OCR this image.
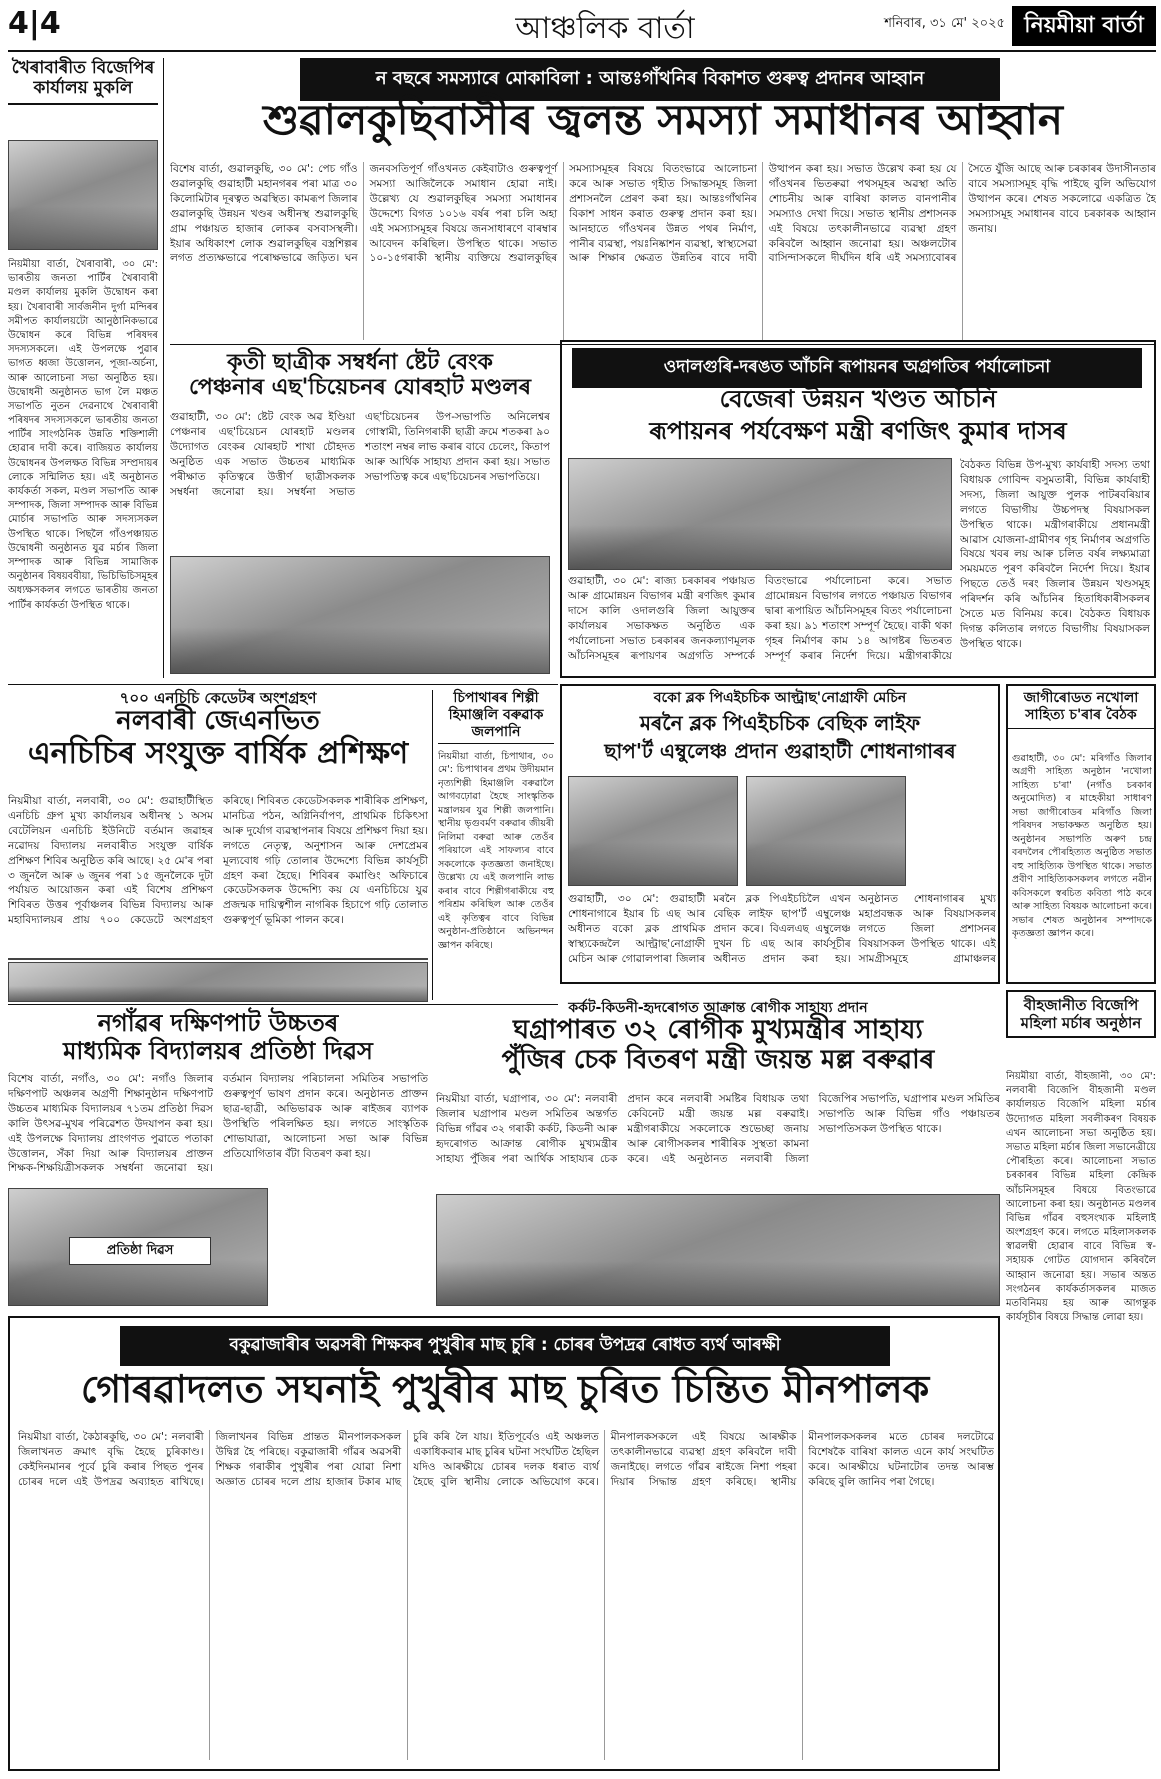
4|4	আঞ্চলিক বাৰ্তা	শনিবাৰ, ৩১ মে' ২০২৫ নিয়মীয়া বাৰ্তা
খৈৰাবাৰীত বিজেপিৰ কাৰ্যালয় মুকলি
নিয়মীয়া বাৰ্তা, খৈৰাবাৰী, ৩০ মে': ভাৰতীয় জনতা পাৰ্টিৰ খৈৰাবাৰী মণ্ডল কাৰ্যালয় মুকলি উদ্বোধন কৰা হয়। খৈৰাবাৰী সাৰ্বজনীন দুৰ্গা মন্দিৰৰ সমীপত কাৰ্যালয়টো আনুষ্ঠানিকভাৱে উদ্বোধন কৰে বিভিন্ন পৰিষদৰ সদস্যসকলে। এই উপলক্ষে পুৱাৰ ভাগত ধ্বজা উত্তোলন, পূজা-অৰ্চনা, আৰু আলোচনা সভা অনুষ্ঠিত হয়। উদ্বোধনী অনুষ্ঠানত ভাগ লৈ মঞ্চত সভাপতি নুতন দেৱনাথে খৈৰাবাৰী পৰিষদৰ সদস্যসকলে ভাৰতীয় জনতা পাৰ্টিৰ সাংগঠনিক উন্নতি শক্তিশালী হোৱাৰ দাবী কৰে। বাজিয়ত কাৰ্যালয় উদ্বোধনৰ উপলক্ষত বিভিন্ন সম্প্ৰদায়ৰ লোকে সন্মিলিত হয়। এই অনুষ্ঠানত কাৰ্যকৰ্তা সকল, মণ্ডল সভাপতি আৰু সম্পাদক, জিলা সম্পাদক আৰু বিভিন্ন মোৰ্চাৰ সভাপতি আৰু সদস্যসকল উপস্থিত থাকে। পিছলৈ গাঁওপঞ্চায়ত উদ্বোধনী অনুষ্ঠানত যুৱ মৰ্চাৰ জিলা সম্পাদক আৰু বিভিন্ন সামাজিক অনুষ্ঠানৰ বিষয়ববীয়া, ভিচিভিচিসমূহৰ অধ্যক্ষসকলৰ লগতে ভাৰতীয় জনতা পাৰ্টিৰ কাৰ্যকৰ্তা উপস্থিত থাকে।
ন বছৰে সমস্যাৰে মোকাবিলা : আন্তঃগাঁথনিৰ বিকাশত গুৰুত্ব প্ৰদানৰ আহ্বান
শুৱালকুছিবাসীৰ জ্বলন্ত সমস্যা সমাধানৰ আহ্বান
বিশেষ বাৰ্তা, গুৱালকুছি, ৩০ মে': পেচ গাঁও গুৱালকুছি গুৱাহাটী মহানগৰৰ পৰা মাত্ৰ ৩০ কিলোমিটাৰ দূৰত্বত অৱস্থিত। কামৰূপ জিলাৰ গুৱালকুছি উন্নয়ন খণ্ডৰ অধীনস্থ শুৱালকুছি গ্ৰাম পঞ্চায়ত হাজাৰ লোকৰ বসবাসস্থলী। ইয়াৰ অধিকাংশ লোক শুৱালকুছিৰ বস্ত্ৰশিল্পৰ লগত প্ৰত্যক্ষভাৱে পৰোক্ষভাৱে জড়িত। ঘন জনবসতিপূৰ্ণ গাঁওখনত কেইবাটাও গুৰুত্বপূৰ্ণ সমস্যা আজিলৈকে সমাধান হোৱা নাই। উল্লেখ্য যে শুৱালকুছিৰ সমস্যা সমাধানৰ উদ্দেশ্যে বিগত ১০১৬ বৰ্ষৰ পৰা চলি অহা এই সমস্যাসমূহৰ বিষয়ে জনসাধাৰণে বাৰম্বাৰ আবেদন কৰিছিল। উপস্থিত থাকে। সভাত ১০-১৫গৰাকী স্থানীয় ব্যক্তিয়ে শুৱালকুছিৰ সমস্যাসমূহৰ বিষয়ে বিতংভাৱে আলোচনা কৰে আৰু সভাত গৃহীত সিদ্ধান্তসমূহ জিলা প্ৰশাসনলৈ প্ৰেৰণ কৰা হয়। আন্তঃগাঁথনিৰ বিকাশ সাধন কৰাত গুৰুত্ব প্ৰদান কৰা হয়। আনহাতে গাঁওখনৰ উন্নত পথৰ নিৰ্মাণ, পানীৰ ব্যৱস্থা, পয়ঃনিষ্কাশন ব্যৱস্থা, স্বাস্থ্যসেৱা আৰু শিক্ষাৰ ক্ষেত্ৰত উন্নতিৰ বাবে দাবী উত্থাপন কৰা হয়। সভাত উল্লেখ কৰা হয় যে গাঁওখনৰ ভিতৰুৱা পথসমূহৰ অৱস্থা অতি শোচনীয় আৰু বাৰিষা কালত বানপানীৰ সমস্যাও দেখা দিয়ে। সভাত স্থানীয় প্ৰশাসনক এই বিষয়ে তৎকালীনভাৱে ব্যৱস্থা গ্ৰহণ কৰিবলৈ আহ্বান জনোৱা হয়। অঞ্চলটোৰ বাসিন্দাসকলে দীৰ্ঘদিন ধৰি এই সমস্যাবোৰৰ সৈতে যুঁজি আছে আৰু চৰকাৰৰ উদাসীনতাৰ বাবে সমস্যাসমূহ বৃদ্ধি পাইছে বুলি অভিযোগ উত্থাপন কৰে। শেষত সকলোৱে একত্ৰিত হৈ সমস্যাসমূহ সমাধানৰ বাবে চৰকাৰক আহ্বান জনায়।
কৃতী ছাত্ৰীক সম্বৰ্ধনা ষ্টেট বেংক
পেঞ্চনাৰ এছ'চিয়েচনৰ যোৰহাট মণ্ডলৰ
গুৱাহাটী, ৩০ মে': ষ্টেট বেংক অৱ ইণ্ডিয়া পেঞ্চনাৰ এছ'চিয়েচন যোৰহাট মণ্ডলৰ উদ্যোগত বেংকৰ যোৰহাট শাখা চৌহদত অনুষ্ঠিত এক সভাত উচ্চতৰ মাধ্যমিক পৰীক্ষাত কৃতিত্বৰে উত্তীৰ্ণ ছাত্ৰীসকলক সম্বৰ্ধনা জনোৱা হয়। সম্বৰ্ধনা সভাত এছ'চিয়েচনৰ উপ-সভাপতি অনিলেশ্বৰ গোস্বামী, তিনিগৰাকী ছাত্ৰী ক্ৰমে শতকৰা ৯০ শতাংশ নম্বৰ লাভ কৰাৰ বাবে চেলেং, কিতাপ আৰু আৰ্থিক সাহায্য প্ৰদান কৰা হয়। সভাত সভাপতিত্ব কৰে এছ'চিয়েচনৰ সভাপতিয়ে।
ওদালগুৰি-দৰঙত আঁচনি ৰূপায়নৰ অগ্ৰগতিৰ পৰ্যালোচনা
বেজেৰা উন্নয়ন খণ্ডত আঁচনি
ৰূপায়নৰ পৰ্যবেক্ষণ মন্ত্ৰী ৰণজিৎ কুমাৰ দাসৰ
গুৱাহাটী, ৩০ মে': ৰাজ্য চৰকাৰৰ পঞ্চায়ত আৰু গ্ৰামোন্নয়ন বিভাগৰ মন্ত্ৰী ৰণজিৎ কুমাৰ দাসে কালি ওদালগুৰি জিলা আয়ুক্তৰ কাৰ্যালয়ৰ সভাকক্ষত অনুষ্ঠিত এক পৰ্যালোচনা সভাত চৰকাৰৰ জনকল্যাণমূলক আঁচনিসমূহৰ ৰূপায়ণৰ অগ্ৰগতি সম্পৰ্কে বিতংভাৱে পৰ্যালোচনা কৰে। সভাত গ্ৰামোন্নয়ন বিভাগৰ লগতে পঞ্চায়ত বিভাগৰ দ্বাৰা ৰূপায়িত আঁচনিসমূহৰ বিতং পৰ্যালোচনা কৰা হয়। ৯১ শতাংশ সম্পূৰ্ণ হৈছে। বাকী থকা গৃহৰ নিৰ্মাণৰ কাম ১৪ আগষ্টৰ ভিতৰত সম্পূৰ্ণ কৰাৰ নিৰ্দেশ দিয়ে। মন্ত্ৰীগৰাকীয়ে
বৈঠকত বিভিন্ন উপ-মুখ্য কাৰ্যবাহী সদস্য তথা বিধায়ক গোবিন্দ বসুমতাৰী, বিভিন্ন কাৰ্যবাহী সদস্য, জিলা আয়ুক্ত পুলক পাটৰবৰিয়াৰ লগতে বিভাগীয় উচ্চপদস্থ বিষয়াসকল উপস্থিত থাকে। মন্ত্ৰীগৰাকীয়ে প্ৰধানমন্ত্ৰী আৱাস যোজনা-গ্ৰামীণৰ গৃহ নিৰ্মাণৰ অগ্ৰগতি বিষয়ে খবৰ লয় আৰু চলিত বৰ্ষৰ লক্ষ্যমাত্ৰা সময়মতে পূৰণ কৰিবলৈ নিৰ্দেশ দিয়ে। ইয়াৰ পিছতে তেওঁ দৰং জিলাৰ উন্নয়ন খণ্ডসমূহ পৰিদৰ্শন কৰি আঁচনিৰ হিতাধিকাৰীসকলৰ সৈতে মত বিনিময় কৰে। বৈঠকত বিধায়ক দিগন্ত কলিতাৰ লগতে বিভাগীয় বিষয়াসকল উপস্থিত থাকে।
৭০০ এনচিচি কেডেটৰ অংশগ্ৰহণ
নলবাৰী জেএনভিত
এনচিচিৰ সংযুক্ত বাৰ্ষিক প্ৰশিক্ষণ
নিয়মীয়া বাৰ্তা, নলবাৰী, ৩০ মে': গুৱাহাটীস্থিত এনচিচি গ্ৰুপ মুখ্য কাৰ্যালয়ৰ অধীনস্থ ১ অসম বেটেলিয়ন এনচিচি ইউনিটে বৰ্তমান জৱাহৰ নৱোদয় বিদ্যালয় নলবাৰীত সংযুক্ত বাৰ্ষিক প্ৰশিক্ষণ শিবিৰ অনুষ্ঠিত কৰি আছে। ২৫ মে'ৰ পৰা ৩ জুনলৈ আৰু ৬ জুনৰ পৰা ১৫ জুনলৈকে দুটা পৰ্যায়ত আয়োজন কৰা এই বিশেষ প্ৰশিক্ষণ শিবিৰত উত্তৰ পূৰ্বাঞ্চলৰ বিভিন্ন বিদ্যালয় আৰু মহাবিদ্যালয়ৰ প্ৰায় ৭০০ কেডেটে অংশগ্ৰহণ কৰিছে। শিবিৰত কেডেটসকলক শাৰীৰিক প্ৰশিক্ষণ, মানচিত্ৰ পঠন, অগ্নিনিৰ্বাপণ, প্ৰাথমিক চিকিৎসা আৰু দুৰ্যোগ ব্যৱস্থাপনাৰ বিষয়ে প্ৰশিক্ষণ দিয়া হয়। লগতে নেতৃত্ব, অনুশাসন আৰু দেশপ্ৰেমৰ মূল্যবোধ গঢ়ি তোলাৰ উদ্দেশ্যে বিভিন্ন কাৰ্যসূচী গ্ৰহণ কৰা হৈছে। শিবিৰৰ কমাণ্ডিং অফিচাৰে কেডেটসকলক উদ্দেশ্যি কয় যে এনচিচিয়ে যুৱ প্ৰজন্মক দায়িত্বশীল নাগৰিক হিচাপে গঢ়ি তোলাত গুৰুত্বপূৰ্ণ ভূমিকা পালন কৰে।
চিপাথাৰৰ শিল্পী হিমাঞ্জলি বৰুৱাক জলপানি
নিয়মীয়া বাৰ্তা, চিপাথাৰ, ৩০ মে': চিপাথাৰৰ প্ৰথম উদীয়মান নৃত্যশিল্পী হিমাঞ্জলি বৰুৱালৈ আগবঢ়োৱা হৈছে সাংস্কৃতিক মন্ত্ৰালয়ৰ যুৱ শিল্পী জলপানি। স্থানীয় ভৃগুবৰ্মণ বৰুৱাৰ জীয়ৰী নিলিমা বৰুৱা আৰু তেওঁৰ পৰিয়ালে এই সাফল্যৰ বাবে সকলোকে কৃতজ্ঞতা জনাইছে। উল্লেখ্য যে এই জলপানি লাভ কৰাৰ বাবে শিল্পীগৰাকীয়ে বহু পৰিশ্ৰম কৰিছিল আৰু তেওঁৰ এই কৃতিত্বৰ বাবে বিভিন্ন অনুষ্ঠান-প্ৰতিষ্ঠানে অভিনন্দন জ্ঞাপন কৰিছে।
বকো ব্লক পিএইচচিক আল্ট্ৰাছ'নোগ্ৰাফী মেচিন
মৰনৈ ব্লক পিএইচচিক বেছিক লাইফ
ছাপ'ৰ্ট এম্বুলেঞ্চ প্ৰদান গুৱাহাটী শোধনাগাৰৰ
গুৱাহাটী, ৩০ মে': গুৱাহাটী শোধনাগাৰে ইয়াৰ চি এছ আৰ অধীনত বকো ব্লক প্ৰাথমিক স্বাস্থ্যকেন্দ্ৰলৈ আল্ট্ৰাছ'নোগ্ৰাফী মেচিন আৰু গোৱালপাৰা জিলাৰ মৰনৈ ব্লক পিএইচচিলৈ এখন বেছিক লাইফ ছাপ'ৰ্ট এম্বুলেঞ্চ প্ৰদান কৰে। বিএলএছ এম্বুলেঞ্চ দুখন চি এছ আৰ কাৰ্যসূচীৰ অধীনত প্ৰদান কৰা হয়। অনুষ্ঠানত শোধনাগাৰৰ মুখ্য মহাপ্ৰবন্ধক আৰু বিষয়াসকলৰ লগতে জিলা প্ৰশাসনৰ বিষয়াসকল উপস্থিত থাকে। এই সামগ্ৰীসমূহে গ্ৰামাঞ্চলৰ
জাগীৰোডত নখোলা সাহিত্য চ'ৰাৰ বৈঠক
গুৱাহাটী, ৩০ মে': মৰিগাঁও জিলাৰ অগ্ৰণী সাহিত্য অনুষ্ঠান 'নখোলা সাহিত্য চ'ৰা' (নগাঁও চৰকাৰ অনুমোদিত) ৰ মাহেকীয়া সাধাৰণ সভা জাগীৰোডৰ মৰিগাঁও জিলা পৰিষদৰ সভাকক্ষত অনুষ্ঠিত হয়। অনুষ্ঠানৰ সভাপতি অৰুণ চন্দ্ৰ বৰদলৈৰ পৌৰহিত্যত অনুষ্ঠিত সভাত বহু সাহিত্যিক উপস্থিত থাকে। সভাত প্ৰবীণ সাহিত্যিকসকলৰ লগতে নৱীন কবিসকলে স্বৰচিত কবিতা পাঠ কৰে আৰু সাহিত্য বিষয়ক আলোচনা কৰে। সভাৰ শেষত অনুষ্ঠানৰ সম্পাদকে কৃতজ্ঞতা জ্ঞাপন কৰে।
নগাঁৱৰ দক্ষিণপাট উচ্চতৰ
মাধ্যমিক বিদ্যালয়ৰ প্ৰতিষ্ঠা দিৱস
বিশেষ বাৰ্তা, নগাঁও, ৩০ মে': নগাঁও জিলাৰ দক্ষিণপাট অঞ্চলৰ অগ্ৰণী শিক্ষানুষ্ঠান দক্ষিণপাট উচ্চতৰ মাধ্যমিক বিদ্যালয়ৰ ৭১তম প্ৰতিষ্ঠা দিৱস কালি উৎসৱ-মুখৰ পৰিৱেশত উদযাপন কৰা হয়। এই উপলক্ষে বিদ্যালয় প্ৰাংগণত পুৱাতে পতাকা উত্তোলন, সঁকা দিয়া আৰু বিদ্যালয়ৰ প্ৰাক্তন শিক্ষক-শিক্ষয়িত্ৰীসকলক সম্বৰ্ধনা জনোৱা হয়। বৰ্তমান বিদ্যালয় পৰিচালনা সমিতিৰ সভাপতি গুৰুত্বপূৰ্ণ ভাষণ প্ৰদান কৰে। অনুষ্ঠানত প্ৰাক্তন ছাত্ৰ-ছাত্ৰী, অভিভাৱক আৰু ৰাইজৰ ব্যাপক উপস্থিতি পৰিলক্ষিত হয়। লগতে সাংস্কৃতিক শোভাযাত্ৰা, আলোচনা সভা আৰু বিভিন্ন প্ৰতিযোগিতাৰ বঁটা বিতৰণ কৰা হয়।
প্ৰতিষ্ঠা দিৱস
কৰ্কট-কিডনী-হৃদৰোগত আক্ৰান্ত ৰোগীক সাহায্য প্ৰদান
ঘগ্ৰাপাৰত ৩২ ৰোগীক মুখ্যমন্ত্ৰীৰ সাহায্য
পুঁজিৰ চেক বিতৰণ মন্ত্ৰী জয়ন্ত মল্ল বৰুৱাৰ
নিয়মীয়া বাৰ্তা, ঘগ্ৰাপাৰ, ৩০ মে': নলবাৰী জিলাৰ ঘগ্ৰাপাৰ মণ্ডল সমিতিৰ অন্তৰ্গত বিভিন্ন গাঁৱৰ ৩২ গৰাকী কৰ্কট, কিডনী আৰু হৃদৰোগত আক্ৰান্ত ৰোগীক মুখ্যমন্ত্ৰীৰ সাহায্য পুঁজিৰ পৰা আৰ্থিক সাহায্যৰ চেক প্ৰদান কৰে নলবাৰী সমষ্টিৰ বিধায়ক তথা কেবিনেট মন্ত্ৰী জয়ন্ত মল্ল বৰুৱাই। মন্ত্ৰীগৰাকীয়ে সকলোকে শুভেচ্ছা জনায় আৰু ৰোগীসকলৰ শাৰীৰিক সুস্থতা কামনা কৰে। এই অনুষ্ঠানত নলবাৰী জিলা বিজেপিৰ সভাপতি, ঘগ্ৰাপাৰ মণ্ডল সমিতিৰ সভাপতি আৰু বিভিন্ন গাঁও পঞ্চায়তৰ সভাপতিসকল উপস্থিত থাকে।
বীহজানীত বিজেপি মহিলা মৰ্চাৰ অনুষ্ঠান
নিয়মীয়া বাৰ্তা, বীহজানী, ৩০ মে': নলবাৰী বিজেপি বীহজানী মণ্ডল কাৰ্যালয়ত বিজেপি মহিলা মৰ্চাৰ উদ্যোগত মহিলা সবলীকৰণ বিষয়ক এখন আলোচনা সভা অনুষ্ঠিত হয়। সভাত মহিলা মৰ্চাৰ জিলা সভানেত্ৰীয়ে পৌৰহিত্য কৰে। আলোচনা সভাত চৰকাৰৰ বিভিন্ন মহিলা কেন্দ্ৰিক আঁচনিসমূহৰ বিষয়ে বিতংভাৱে আলোচনা কৰা হয়। অনুষ্ঠানত মণ্ডলৰ বিভিন্ন গাঁৱৰ বহুসংখ্যক মহিলাই অংশগ্ৰহণ কৰে। লগতে মহিলাসকলক স্বাৱলম্বী হোৱাৰ বাবে বিভিন্ন স্ব-সহায়ক গোটত যোগদান কৰিবলৈ আহ্বান জনোৱা হয়। সভাৰ অন্তত সংগঠনৰ কাৰ্যকৰ্তাসকলৰ মাজত মতবিনিময় হয় আৰু আগন্তুক কাৰ্যসূচীৰ বিষয়ে সিদ্ধান্ত লোৱা হয়।
বকুৱাজাৰীৰ অৱসৰী শিক্ষকৰ পুখুৰীৰ মাছ চুৰি : চোৰৰ উপদ্ৰৱ ৰোধত ব্যৰ্থ আৰক্ষী
গোৰৱাদলত সঘনাই পুখুৰীৰ মাছ চুৰিত চিন্তিত মীনপালক
নিয়মীয়া বাৰ্তা, কৈঠাৰকুছি, ৩০ মে': নলবাৰী জিলাখনত ক্ৰমাৎ বৃদ্ধি হৈছে চুৰিকাণ্ড। কেইদিনমানৰ পূৰ্বে চুৰি কৰাৰ পিছত পুনৰ চোৰৰ দলে এই উপদ্ৰৱ অব্যাহত ৰাখিছে। জিলাখনৰ বিভিন্ন প্ৰান্তত মীনপালকসকল উদ্বিগ্ন হৈ পৰিছে। বকুৱাজাৰী গাঁৱৰ অৱসৰী শিক্ষক গৰাকীৰ পুখুৰীৰ পৰা যোৱা নিশা অজ্ঞাত চোৰৰ দলে প্ৰায় হাজাৰ টকাৰ মাছ চুৰি কৰি লৈ যায়। ইতিপূৰ্বেও এই অঞ্চলত একাধিকবাৰ মাছ চুৰিৰ ঘটনা সংঘটিত হৈছিল যদিও আৰক্ষীয়ে চোৰৰ দলক ধৰাত ব্যৰ্থ হৈছে বুলি স্থানীয় লোকে অভিযোগ কৰে। মীনপালকসকলে এই বিষয়ে আৰক্ষীক তৎকালীনভাৱে ব্যৱস্থা গ্ৰহণ কৰিবলৈ দাবী জনাইছে। লগতে গাঁৱৰ ৰাইজে নিশা পহৰা দিয়াৰ সিদ্ধান্ত গ্ৰহণ কৰিছে। স্থানীয় মীনপালকসকলৰ মতে চোৰৰ দলটোৱে বিশেষকৈ বাৰিষা কালত এনে কাৰ্য সংঘটিত কৰে। আৰক্ষীয়ে ঘটনাটোৰ তদন্ত আৰম্ভ কৰিছে বুলি জানিব পৰা গৈছে।
